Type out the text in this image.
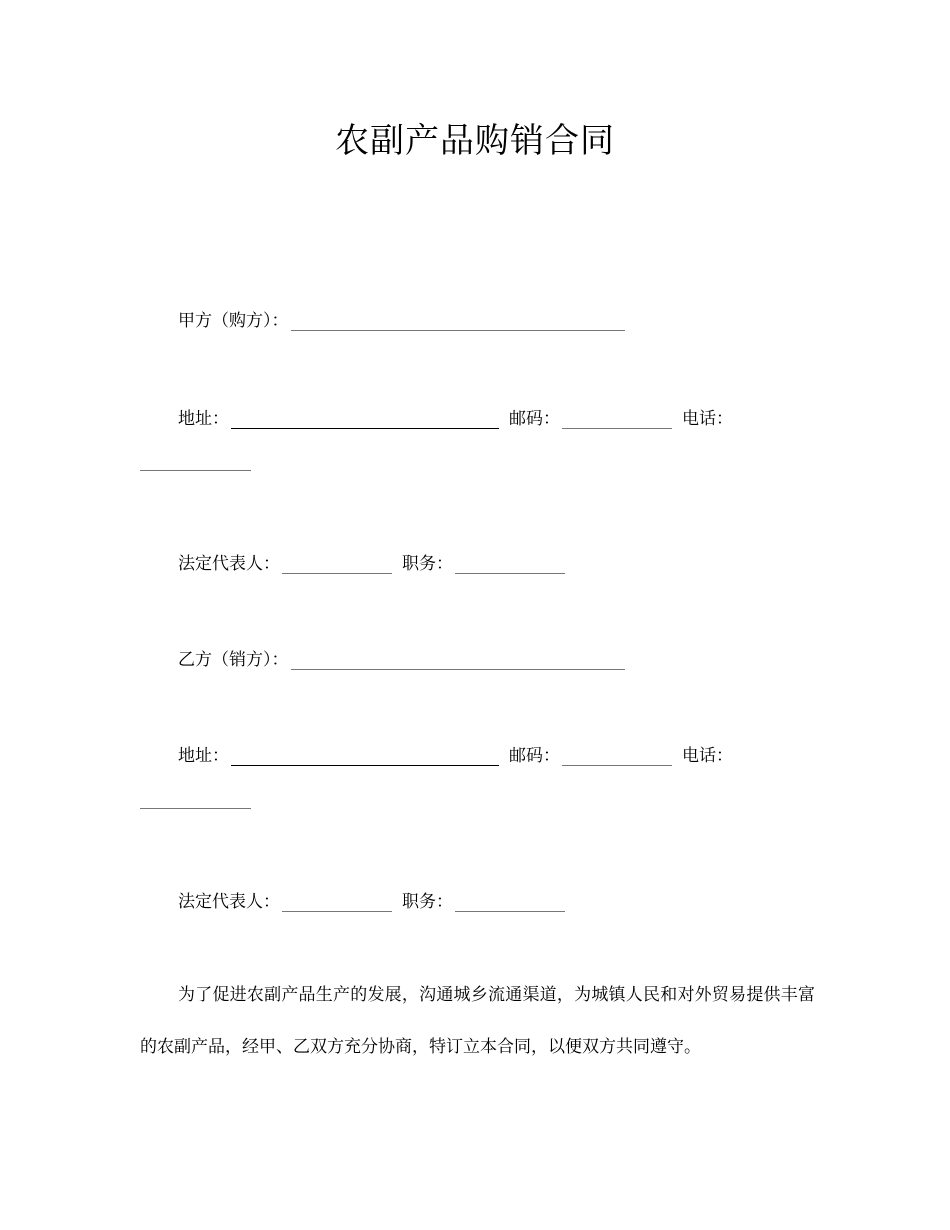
农副产品购销合同
甲方（购方）：
地址：	邮码：	电话：
法定代表人：	职务：
乙方（销方）：
地址：	邮码：	电话：
法定代表人：	职务：
为了促进农副产品生产的发展，沟通城乡流通渠道，为城镇人民和对外贸易提供丰富的农副产品，经甲、乙双方充分协商，特订立本合同，以便双方共同遵守。
